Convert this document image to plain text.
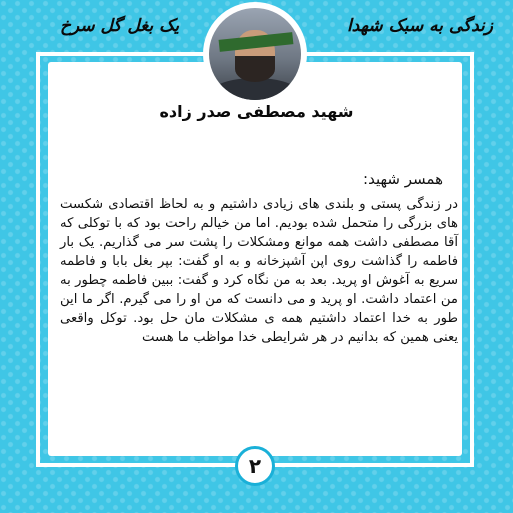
زندگی به سبک شهدا
یک بغل گل سرخ
شهید مصطفی صدر زاده
همسر شهید:
در زندگی پستی و بلندی های زیادی داشتیم و به لحاظ اقتصادی شکست های بزرگی را متحمل شده بودیم. اما من خیالم راحت بود که با توکلی که آقا مصطفی داشت همه موانع ومشکلات را پشت سر می گذاریم. یک بار فاطمه را گذاشت روی اپن آشپزخانه و به او گفت: بپر بغل بابا و فاطمه سریع به آغوش او پرید. بعد به من نگاه کرد و گفت: ببین فاطمه چطور به من اعتماد داشت. او پرید و می دانست که من او را می گیرم. اگر ما این طور به خدا اعتماد داشتیم همه ی مشکلات مان حل بود. توکل واقعی یعنی همین که بدانیم در هر شرایطی خدا مواظب ما هست
۲
